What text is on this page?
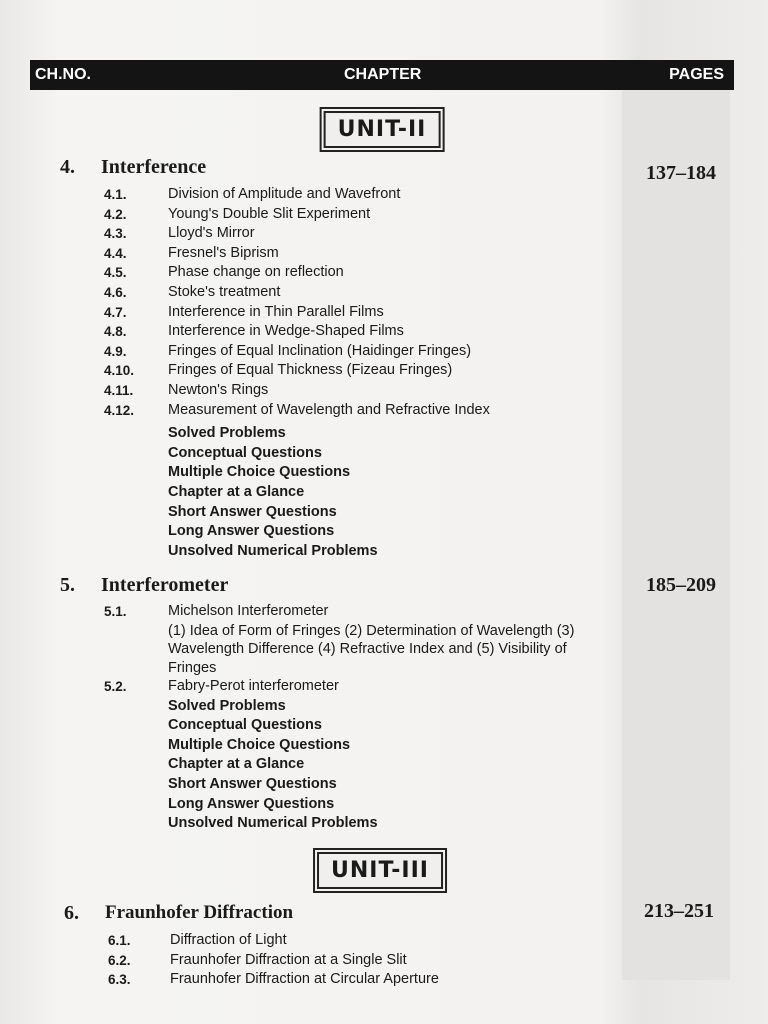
CH.NO.	CHAPTER	PAGES
UNIT-II
4. Interference	137–184
4.1.	Division of Amplitude and Wavefront
4.2.	Young's Double Slit Experiment
4.3.	Lloyd's Mirror
4.4.	Fresnel's Biprism
4.5.	Phase change on reflection
4.6.	Stoke's treatment
4.7.	Interference in Thin Parallel Films
4.8.	Interference in Wedge-Shaped Films
4.9.	Fringes of Equal Inclination (Haidinger Fringes)
4.10. Fringes of Equal Thickness (Fizeau Fringes)
4.11. Newton's Rings
4.12. Measurement of Wavelength and Refractive Index
Solved Problems
Conceptual Questions
Multiple Choice Questions
Chapter at a Glance
Short Answer Questions
Long Answer Questions
Unsolved Numerical Problems
5. Interferometer	185–209
5.1.	Michelson Interferometer
(1) Idea of Form of Fringes (2) Determination of Wavelength (3) Wavelength Difference (4) Refractive Index and (5) Visibility of Fringes
5.2.	Fabry-Perot interferometer
Solved Problems
Conceptual Questions
Multiple Choice Questions
Chapter at a Glance
Short Answer Questions
Long Answer Questions
Unsolved Numerical Problems
UNIT-III
6. Fraunhofer Diffraction	213–251
6.1.	Diffraction of Light
6.2.	Fraunhofer Diffraction at a Single Slit
6.3.	Fraunhofer Diffraction at Circular Aperture
